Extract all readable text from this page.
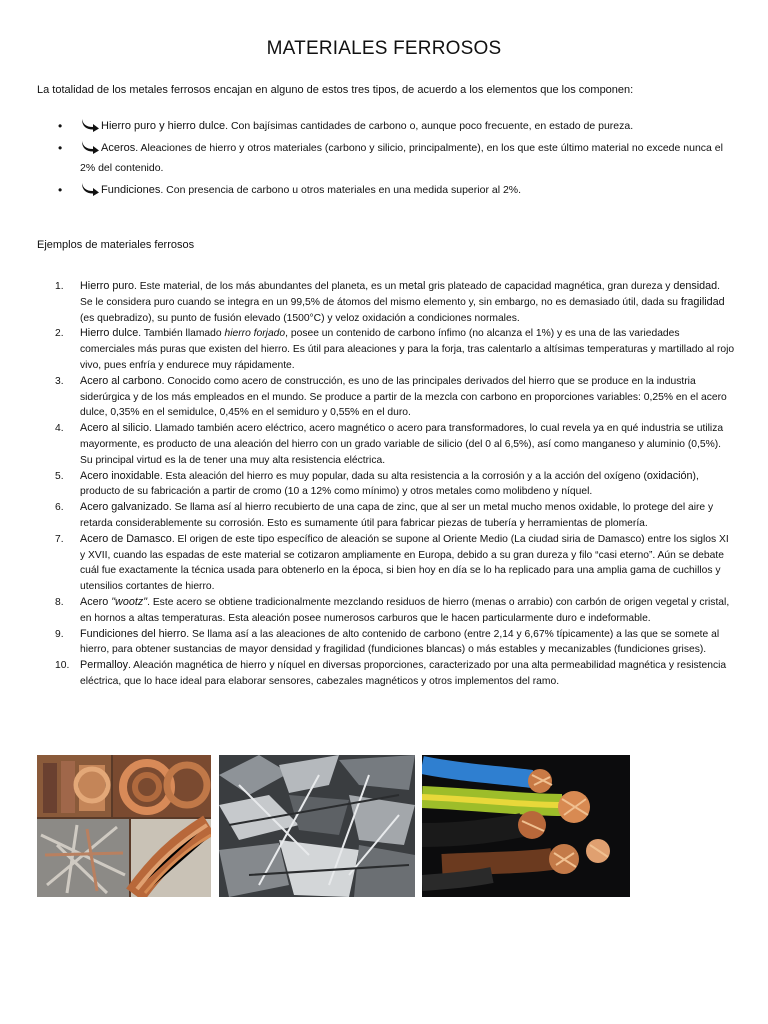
MATERIALES FERROSOS
La totalidad de los metales ferrosos encajan en alguno de estos tres tipos, de acuerdo a los elementos que los componen:
•	Hierro puro y hierro dulce. Con bajísimas cantidades de carbono o, aunque poco frecuente, en estado de pureza.
•	Aceros. Aleaciones de hierro y otros materiales (carbono y silicio, principalmente), en los que este último material no excede nunca el 2% del contenido.
•	Fundiciones. Con presencia de carbono u otros materiales en una medida superior al 2%.
Ejemplos de materiales ferrosos
1.	Hierro puro. Este material, de los más abundantes del planeta, es un metal gris plateado de capacidad magnética, gran dureza y densidad. Se le considera puro cuando se integra en un 99,5% de átomos del mismo elemento y, sin embargo, no es demasiado útil, dada su fragilidad (es quebradizo), su punto de fusión elevado (1500°C) y veloz oxidación a condiciones normales.
2.	Hierro dulce. También llamado hierro forjado, posee un contenido de carbono ínfimo (no alcanza el 1%) y es una de las variedades comerciales más puras que existen del hierro. Es útil para aleaciones y para la forja, tras calentarlo a altísimas temperaturas y martillado al rojo vivo, pues enfría y endurece muy rápidamente.
3.	Acero al carbono. Conocido como acero de construcción, es uno de las principales derivados del hierro que se produce en la industria siderúrgica y de los más empleados en el mundo. Se produce a partir de la mezcla con carbono en proporciones variables: 0,25% en el acero dulce, 0,35% en el semidulce, 0,45% en el semiduro y 0,55% en el duro.
4.	Acero al silicio. Llamado también acero eléctrico, acero magnético o acero para transformadores, lo cual revela ya en qué industria se utiliza mayormente, es producto de una aleación del hierro con un grado variable de silicio (del 0 al 6,5%), así como manganeso y aluminio (0,5%). Su principal virtud es la de tener una muy alta resistencia eléctrica.
5.	Acero inoxidable. Esta aleación del hierro es muy popular, dada su alta resistencia a la corrosión y a la acción del oxígeno (oxidación), producto de su fabricación a partir de cromo (10 a 12% como mínimo) y otros metales como molibdeno y níquel.
6.	Acero galvanizado. Se llama así al hierro recubierto de una capa de zinc, que al ser un metal mucho menos oxidable, lo protege del aire y retarda considerablemente su corrosión. Esto es sumamente útil para fabricar piezas de tubería y herramientas de plomería.
7.	Acero de Damasco. El origen de este tipo específico de aleación se supone al Oriente Medio (La ciudad siria de Damasco) entre los siglos XI y XVII, cuando las espadas de este material se cotizaron ampliamente en Europa, debido a su gran dureza y filo “casi eterno”. Aún se debate cuál fue exactamente la técnica usada para obtenerlo en la época, si bien hoy en día se lo ha replicado para una amplia gama de cuchillos y utensilios cortantes de hierro.
8.	Acero "wootz". Este acero se obtiene tradicionalmente mezclando residuos de hierro (menas o arrabio) con carbón de origen vegetal y cristal, en hornos a altas temperaturas. Esta aleación posee numerosos carburos que le hacen particularmente duro e indeformable.
9.	Fundiciones del hierro. Se llama así a las aleaciones de alto contenido de carbono (entre 2,14 y 6,67% típicamente) a las que se somete al hierro, para obtener sustancias de mayor densidad y fragilidad (fundiciones blancas) o más estables y mecanizables (fundiciones grises).
10. Permalloy. Aleación magnética de hierro y níquel en diversas proporciones, caracterizado por una alta permeabilidad magnética y resistencia eléctrica, que lo hace ideal para elaborar sensores, cabezales magnéticos y otros implementos del ramo.
